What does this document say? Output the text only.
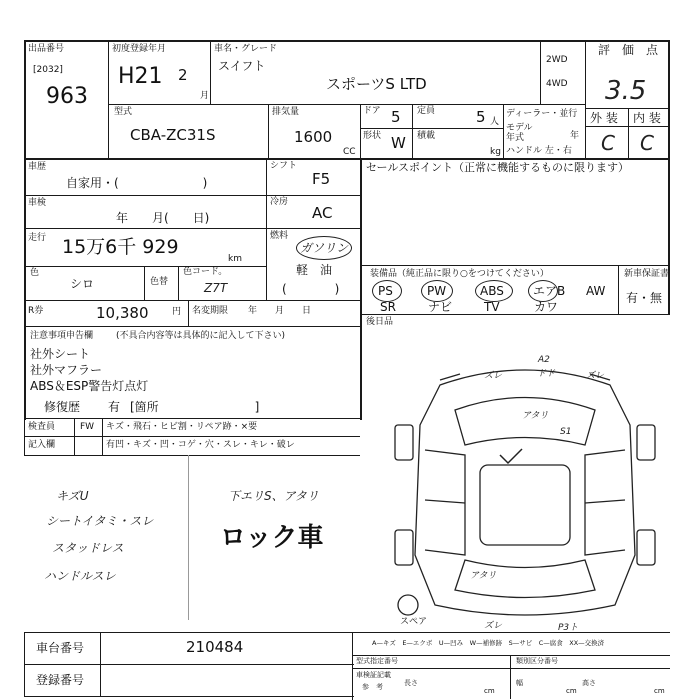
出品番号
[2032]
963
初度登録年月
H21 2
月
車名・グレード
スイフト
スポーツS LTD
2WD
4WD
評　価　点
3.5
外 装 内 装
C C
型式
CBA-ZC31S
排気量
1600
CC
ドア 5
形状 W
定員	5 人
積載
kg
ディーラー・並行
モデル
年式	年
ハンドル 左・右
車歴
自家用・(　　　　　　　)
シフト
F5
車検
年　　月(　　日)
冷房
AC
走行 15万6千 929
km
燃料
ガソリン
軽　油
(　　　　)
色
シロ	色替
色コード。
Z7T
R券	10,380	円 名変期限 年　　月　　日
セールスポイント（正常に機能するものに限ります）
装備品（純正品に限り○をつけてください）
PS	PW	ABS エアB AW
SR	ナビ	TV	カワ
新車保証書
有・無
後日品
注意事項申告欄	(不具合内容等は具体的に記入して下さい)
社外シート
社外マフラー
ABS＆ESP警告灯点灯
修復歴 有 [箇所　　　　　　　　]
検査員	FW キズ・飛石・ヒビ割・リペア跡・×要
記入欄	有凹・キズ・凹・コゲ・穴・スレ・キレ・破レ
キズU
シートイタミ・スレ
スタッドレス
ハンドルスレ
下エリS、アタリ
ロック車
A2
ドド
ズレ	ズレ
アタリ
S1
アタリ
ズレ	P3ト
スペア
車台番号	210484
登録番号
A—キズ　E—エクボ　U—凹み　W—補修跡　S—サビ　C—腐食　XX—交換済
型式指定番号	類別区分番号
車検証記載
参　考	長さ
cm
幅
cm
高さ
cm
